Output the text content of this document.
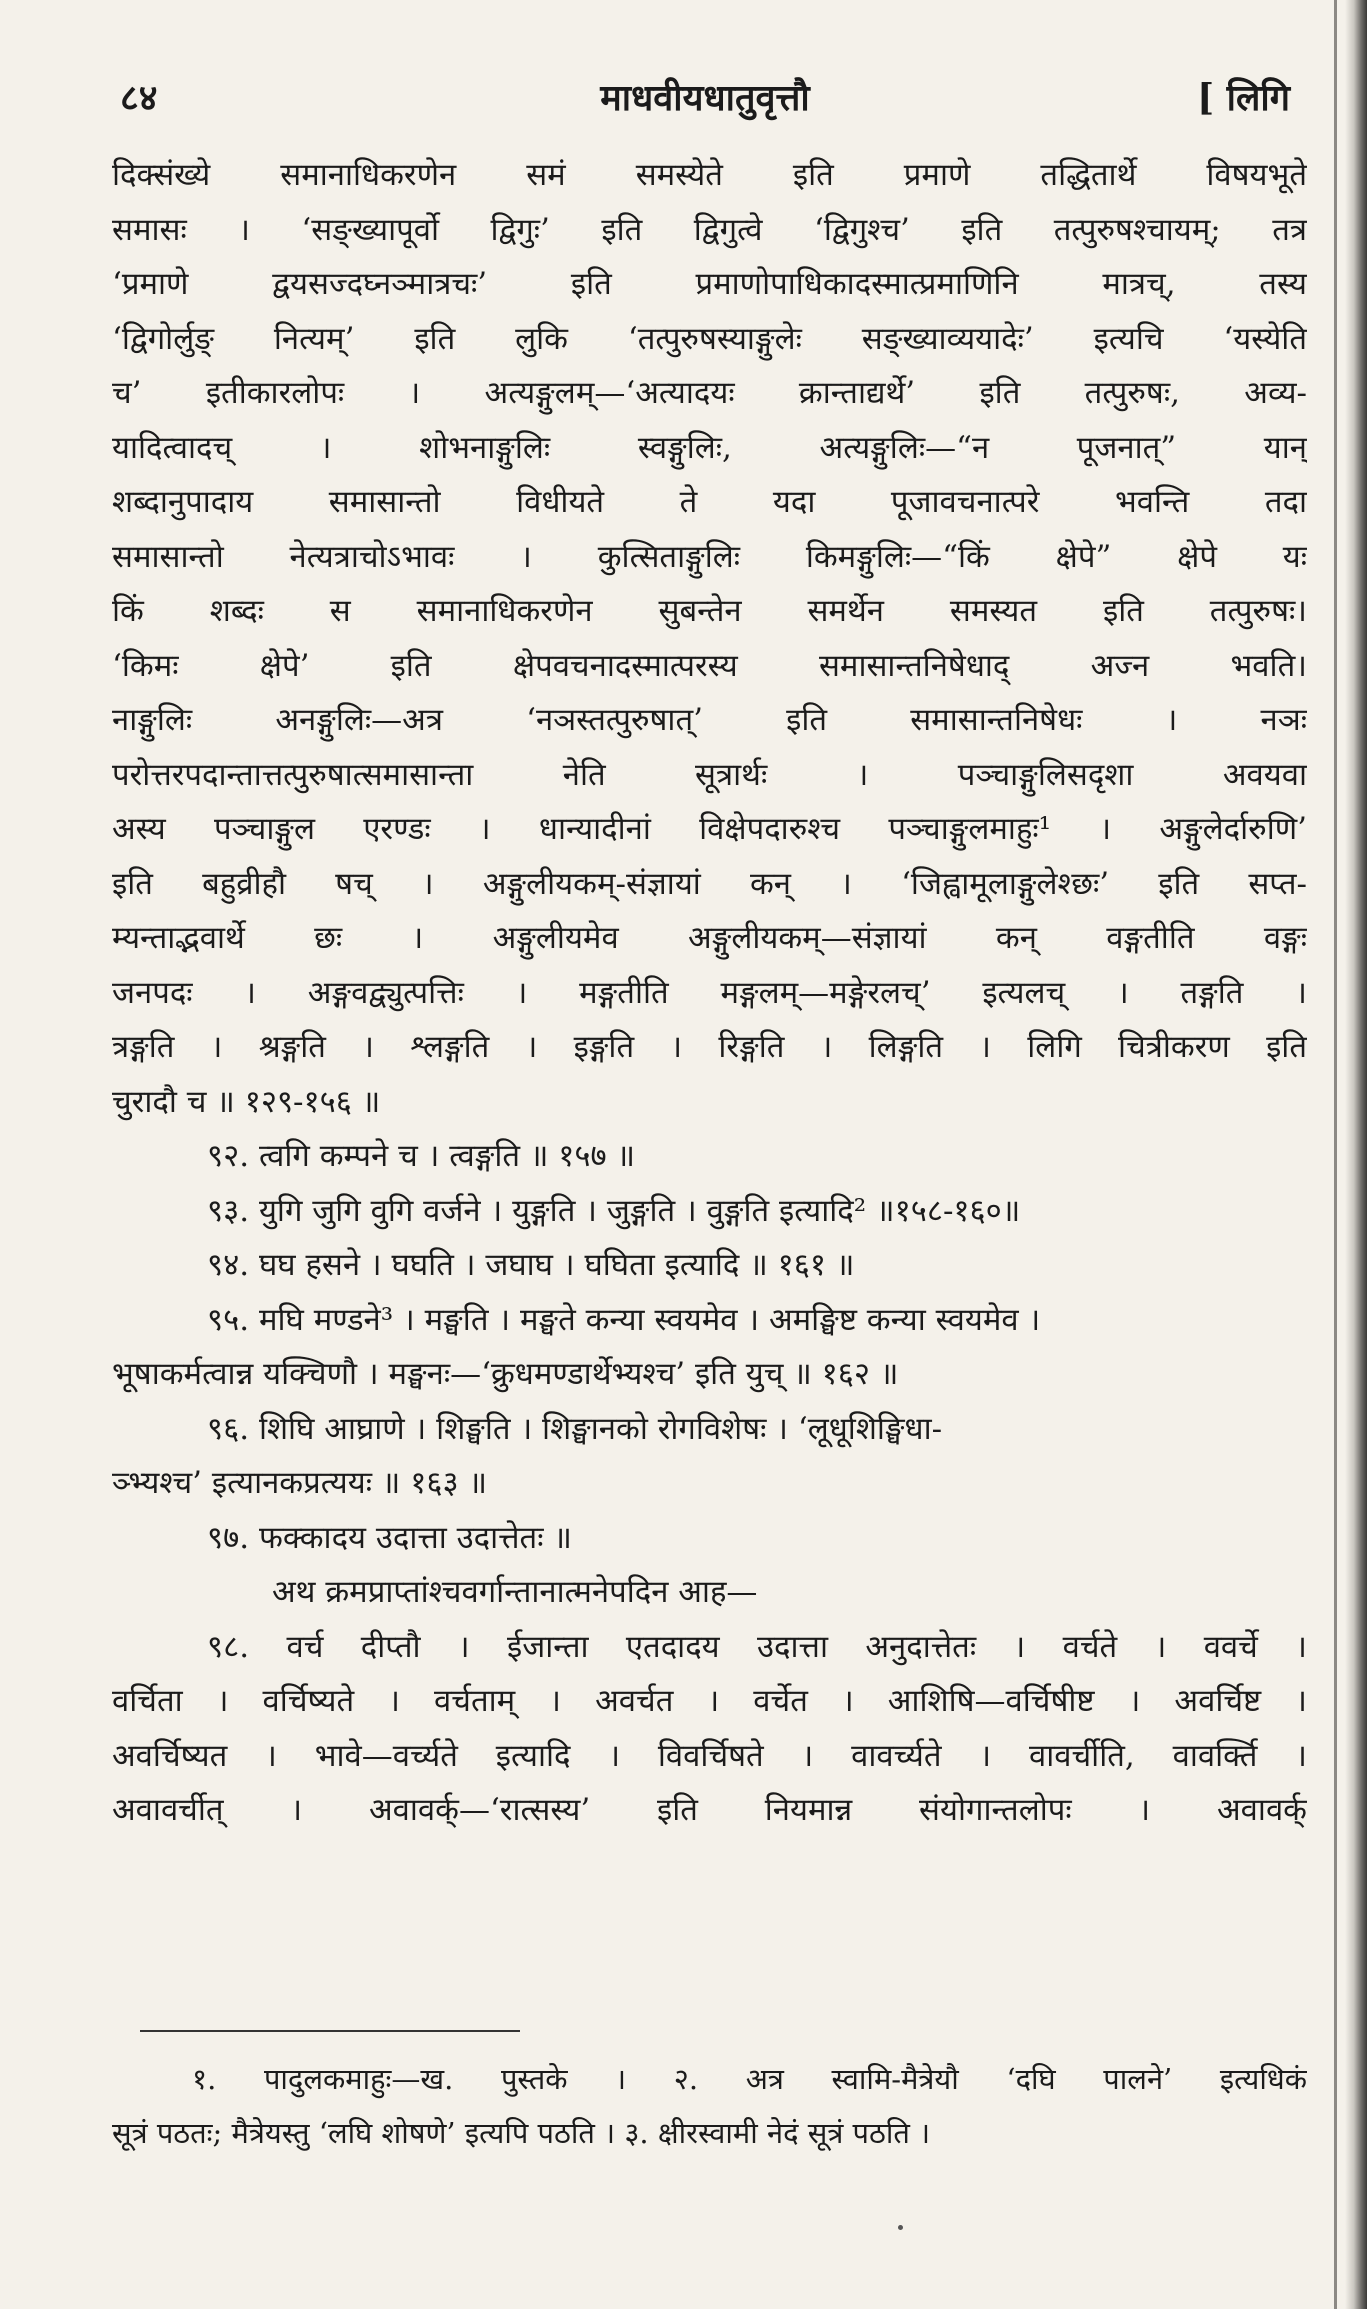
८४	माधवीयधातुवृत्तौ	[ लिगि
दिक्संख्ये समानाधिकरणेन समं समस्येते इति प्रमाणे तद्धितार्थे विषयभूते
समासः । ‘सङ्ख्यापूर्वो द्विगुः’ इति द्विगुत्वे ‘द्विगुश्च’ इति तत्पुरुषश्चायम्; तत्र
‘प्रमाणे द्वयसज्दघ्नञ्मात्रचः’ इति प्रमाणोपाधिकादस्मात्प्रमाणिनि मात्रच्, तस्य
‘द्विगोर्लुङ् नित्यम्’ इति लुकि ‘तत्पुरुषस्याङ्गुलेः सङ्ख्याव्ययादेः’ इत्यचि ‘यस्येति
च’ इतीकारलोपः । अत्यङ्गुलम्—‘अत्यादयः क्रान्ताद्यर्थे’ इति तत्पुरुषः, अव्य-
यादित्वादच् । शोभनाङ्गुलिः स्वङ्गुलिः, अत्यङ्गुलिः—“न पूजनात्” यान्
शब्दानुपादाय समासान्तो विधीयते ते यदा पूजावचनात्परे भवन्ति तदा
समासान्तो नेत्यत्राचोऽभावः । कुत्सिताङ्गुलिः किमङ्गुलिः—“किं क्षेपे” क्षेपे यः
किं शब्दः स समानाधिकरणेन सुबन्तेन समर्थेन समस्यत इति तत्पुरुषः।
‘किमः क्षेपे’ इति क्षेपवचनादस्मात्परस्य समासान्तनिषेधाद् अज्न भवति।
नाङ्गुलिः अनङ्गुलिः—अत्र ‘नञस्तत्पुरुषात्’ इति समासान्तनिषेधः । नञः
परोत्तरपदान्तात्तत्पुरुषात्समासान्ता नेति सूत्रार्थः । पञ्चाङ्गुलिसदृशा अवयवा
अस्य पञ्चाङ्गुल एरण्डः । धान्यादीनां विक्षेपदारुश्च पञ्चाङ्गुलमाहुः¹ । अङ्गुलेर्दारुणि’
इति बहुव्रीहौ षच् । अङ्गुलीयकम्-संज्ञायां कन् । ‘जिह्वामूलाङ्गुलेश्छः’ इति सप्त-
म्यन्ताद्भवार्थे छः । अङ्गुलीयमेव अङ्गुलीयकम्—संज्ञायां कन् वङ्गतीति वङ्गः
जनपदः । अङ्गवद्व्युत्पत्तिः । मङ्गतीति मङ्गलम्—मङ्गेरलच्’ इत्यलच् । तङ्गति ।
त्रङ्गति । श्रङ्गति । श्लङ्गति । इङ्गति । रिङ्गति । लिङ्गति । लिगि चित्रीकरण इति
चुरादौ च ॥ १२९-१५६ ॥
९२. त्वगि कम्पने च । त्वङ्गति ॥ १५७ ॥
९३. युगि जुगि वुगि वर्जने । युङ्गति । जुङ्गति । वुङ्गति इत्यादि² ॥१५८-१६०॥
९४. घघ हसने । घघति । जघाघ । घघिता इत्यादि ॥ १६१ ॥
९५. मघि मण्डने³ । मङ्घति । मङ्घते कन्या स्वयमेव । अमङ्घिष्ट कन्या स्वयमेव ।
भूषाकर्मत्वान्न यक्चिणौ । मङ्घनः—‘क्रुधमण्डार्थेभ्यश्च’ इति युच् ॥ १६२ ॥
९६. शिघि आघ्राणे । शिङ्घति । शिङ्घानको रोगविशेषः । ‘लूधूशिङ्घिधा-
ञ्भ्यश्च’ इत्यानकप्रत्ययः ॥ १६३ ॥
९७. फक्कादय उदात्ता उदात्तेतः ॥
अथ क्रमप्राप्तांश्चवर्गान्तानात्मनेपदिन आह—
९८. वर्च दीप्तौ । ईजान्ता एतदादय उदात्ता अनुदात्तेतः । वर्चते । ववर्चे ।
वर्चिता । वर्चिष्यते । वर्चताम् । अवर्चत । वर्चेत । आशिषि—वर्चिषीष्ट । अवर्चिष्ट ।
अवर्चिष्यत । भावे—वर्च्यते इत्यादि । विवर्चिषते । वावर्च्यते । वावर्चीति, वावर्क्ति ।
अवावर्चीत् । अवावर्क्—‘रात्सस्य’ इति नियमान्न संयोगान्तलोपः । अवावर्क्
१. पादुलकमाहुः—ख. पुस्तके । २. अत्र स्वामि-मैत्रेयौ ‘दघि पालने’ इत्यधिकं
सूत्रं पठतः; मैत्रेयस्तु ‘लघि शोषणे’ इत्यपि पठति । ३. क्षीरस्वामी नेदं सूत्रं पठति ।
